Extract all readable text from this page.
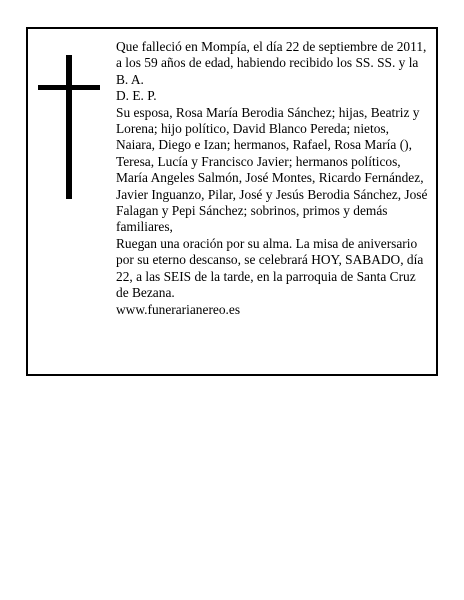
Que falleció en Mompía, el día 22 de septiembre de 2011, a los 59 años de edad, habiendo recibido los SS. SS. y la B. A.

D. E. P.

Su esposa, Rosa María Berodia Sánchez; hijas, Beatriz y Lorena; hijo político, David Blanco Pereda; nietos, Naiara, Diego e Izan; hermanos, Rafael, Rosa María (), Teresa, Lucía y Francisco Javier; hermanos políticos, María Angeles Salmón, José Montes, Ricardo Fernández, Javier Inguanzo, Pilar, José y Jesús Berodia Sánchez, José Falagan y Pepi Sánchez; sobrinos, primos y demás familiares,

Ruegan una oración por su alma. La misa de aniversario por su eterno descanso, se celebrará HOY, SABADO, día 22, a las SEIS de la tarde, en la parroquia de Santa Cruz de Bezana.

www.funerarianereo.es
